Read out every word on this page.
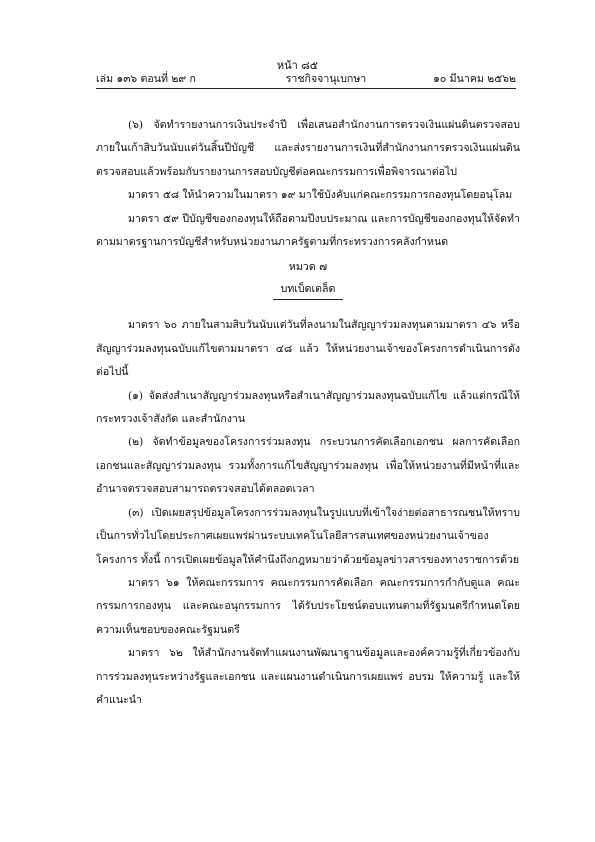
หน้า ๘๕
เล่ม ๑๓๖ ตอนที่ ๒๙ ก	ราชกิจจานุเบกษา	๑๐ มีนาคม ๒๕๖๒

(๖) จัดทำรายงานการเงินประจำปี เพื่อเสนอสำนักงานการตรวจเงินแผ่นดินตรวจสอบภายในเก้าสิบวันนับแต่วันสิ้นปีบัญชี และส่งรายงานการเงินที่สำนักงานการตรวจเงินแผ่นดินตรวจสอบแล้วพร้อมกับรายงานการสอบบัญชีต่อคณะกรรมการเพื่อพิจารณาต่อไป

มาตรา ๕๘ ให้นำความในมาตรา ๑๙ มาใช้บังคับแก่คณะกรรมการกองทุนโดยอนุโลม

มาตรา ๕๙ ปีบัญชีของกองทุนให้ถือตามปีงบประมาณ และการบัญชีของกองทุนให้จัดทำตามมาตรฐานการบัญชีสำหรับหน่วยงานภาครัฐตามที่กระทรวงการคลังกำหนด

หมวด ๗
บทเบ็ดเตล็ด

มาตรา ๖๐ ภายในสามสิบวันนับแต่วันที่ลงนามในสัญญาร่วมลงทุนตามมาตรา ๔๖ หรือสัญญาร่วมลงทุนฉบับแก้ไขตามมาตรา ๔๘ แล้ว ให้หน่วยงานเจ้าของโครงการดำเนินการดังต่อไปนี้

(๑) จัดส่งสำเนาสัญญาร่วมลงทุนหรือสำเนาสัญญาร่วมลงทุนฉบับแก้ไข แล้วแต่กรณีให้กระทรวงเจ้าสังกัด และสำนักงาน

(๒) จัดทำข้อมูลของโครงการร่วมลงทุน กระบวนการคัดเลือกเอกชน ผลการคัดเลือกเอกชนและสัญญาร่วมลงทุน รวมทั้งการแก้ไขสัญญาร่วมลงทุน เพื่อให้หน่วยงานที่มีหน้าที่และอำนาจตรวจสอบสามารถตรวจสอบได้ตลอดเวลา

(๓) เปิดเผยสรุปข้อมูลโครงการร่วมลงทุนในรูปแบบที่เข้าใจง่ายต่อสาธารณชนให้ทราบเป็นการทั่วไปโดยประกาศเผยแพร่ผ่านระบบเทคโนโลยีสารสนเทศของหน่วยงานเจ้าของโครงการ ทั้งนี้ การเปิดเผยข้อมูลให้คำนึงถึงกฎหมายว่าด้วยข้อมูลข่าวสารของทางราชการด้วย

มาตรา ๖๑ ให้คณะกรรมการ คณะกรรมการคัดเลือก คณะกรรมการกำกับดูแล คณะกรรมการกองทุน และคณะอนุกรรมการ ได้รับประโยชน์ตอบแทนตามที่รัฐมนตรีกำหนดโดยความเห็นชอบของคณะรัฐมนตรี

มาตรา ๖๒ ให้สำนักงานจัดทำแผนงานพัฒนาฐานข้อมูลและองค์ความรู้ที่เกี่ยวข้องกับการร่วมลงทุนระหว่างรัฐและเอกชน และแผนงานดำเนินการเผยแพร่ อบรม ให้ความรู้ และให้คำแนะนำ
